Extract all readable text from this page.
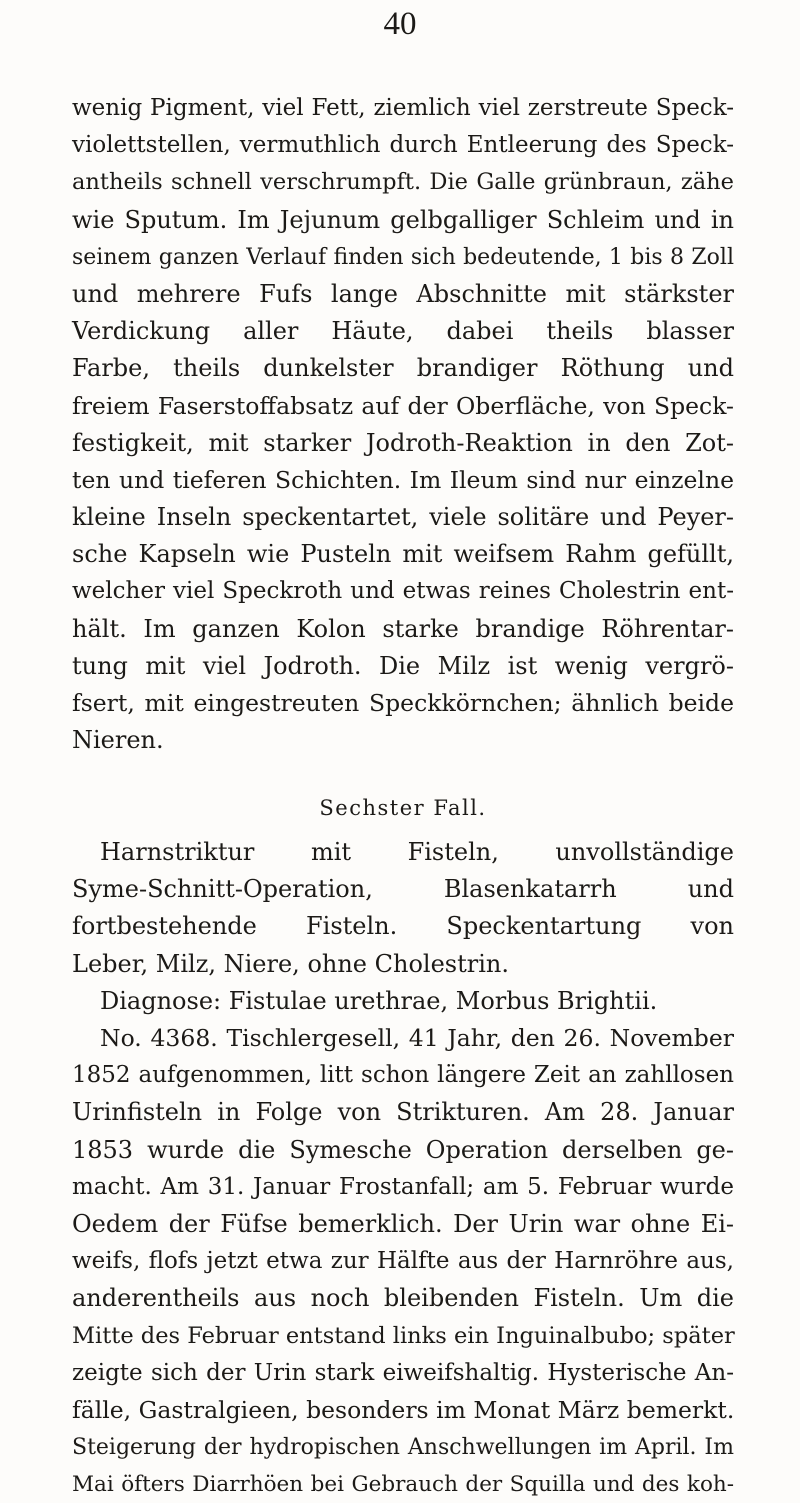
40
wenig Pigment, viel Fett, ziemlich viel zerstreute Speck-
violettstellen, vermuthlich durch Entleerung des Speck-
antheils schnell verschrumpft. Die Galle grünbraun, zähe
wie Sputum. Im Jejunum gelbgalliger Schleim und in
seinem ganzen Verlauf finden sich bedeutende, 1 bis 8 Zoll
und mehrere Fufs lange Abschnitte mit stärkster
Verdickung aller Häute, dabei theils blasser
Farbe, theils dunkelster brandiger Röthung und
freiem Faserstoffabsatz auf der Oberfläche, von Speck-
festigkeit, mit starker Jodroth-Reaktion in den Zot-
ten und tieferen Schichten. Im Ileum sind nur einzelne
kleine Inseln speckentartet, viele solitäre und Peyer-
sche Kapseln wie Pusteln mit weifsem Rahm gefüllt,
welcher viel Speckroth und etwas reines Cholestrin ent-
hält. Im ganzen Kolon starke brandige Röhrentar-
tung mit viel Jodroth. Die Milz ist wenig vergrö-
fsert, mit eingestreuten Speckkörnchen; ähnlich beide
Nieren.
Sechster Fall.
Harnstriktur mit Fisteln, unvollständige
Syme-Schnitt-Operation, Blasenkatarrh und
fortbestehende Fisteln. Speckentartung von
Leber, Milz, Niere, ohne Cholestrin.
Diagnose: Fistulae urethrae, Morbus Brightii.
No. 4368. Tischlergesell, 41 Jahr, den 26. November
1852 aufgenommen, litt schon längere Zeit an zahllosen
Urinfisteln in Folge von Strikturen. Am 28. Januar
1853 wurde die Symesche Operation derselben ge-
macht. Am 31. Januar Frostanfall; am 5. Februar wurde
Oedem der Füfse bemerklich. Der Urin war ohne Ei-
weifs, flofs jetzt etwa zur Hälfte aus der Harnröhre aus,
anderentheils aus noch bleibenden Fisteln. Um die
Mitte des Februar entstand links ein Inguinalbubo; später
zeigte sich der Urin stark eiweifshaltig. Hysterische An-
fälle, Gastralgieen, besonders im Monat März bemerkt.
Steigerung der hydropischen Anschwellungen im April. Im
Mai öfters Diarrhöen bei Gebrauch der Squilla und des koh-
